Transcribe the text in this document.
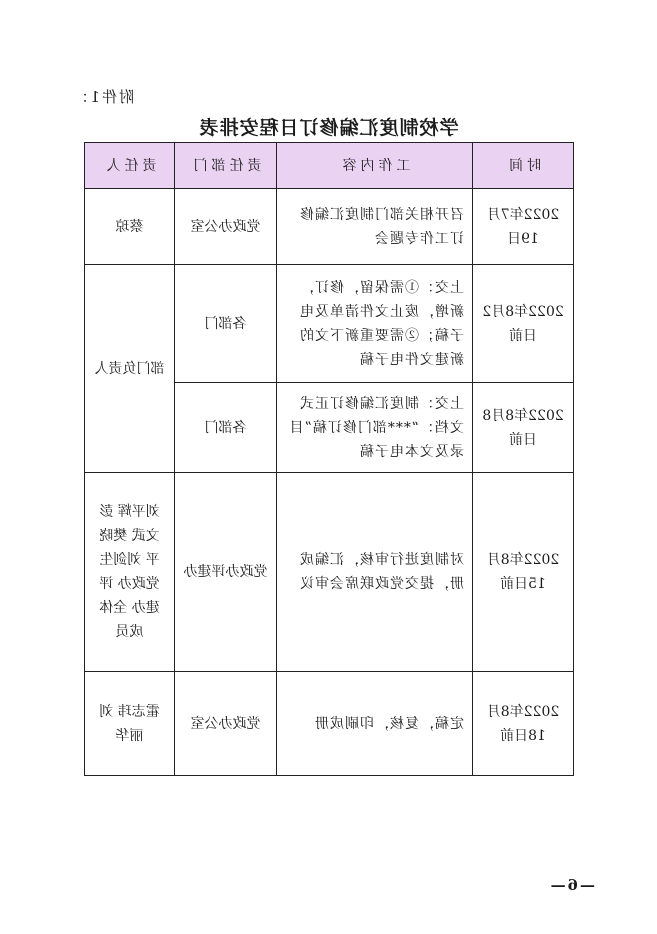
附件1：
学校制度汇编修订日程安排表
时间	工作内容	责任部门	责任人
2022年7月19日	召开相关部门制度汇编修订工作专题会	党政办公室	蔡琼
2022年8月2日前	上交：①需保留，修订，新增，废止文件清单及电子稿；②需要重新下文的新建文件电子稿	各部门	部门负责人
2022年8月8日前	上交：制度汇编修订正式文档：“***部门修订稿”目录及文本电子稿	各部门	
2022年8月15日前	对制度进行审核，汇编成册，提交党政联席会审议	党政办评建办	刘平辉 彭文武 樊晓平 刘剑生 党政办 评建办 全体成员
2022年8月18日前	定稿，复核，印刷成册	党政办公室	霍志玮 刘丽华
—6—
